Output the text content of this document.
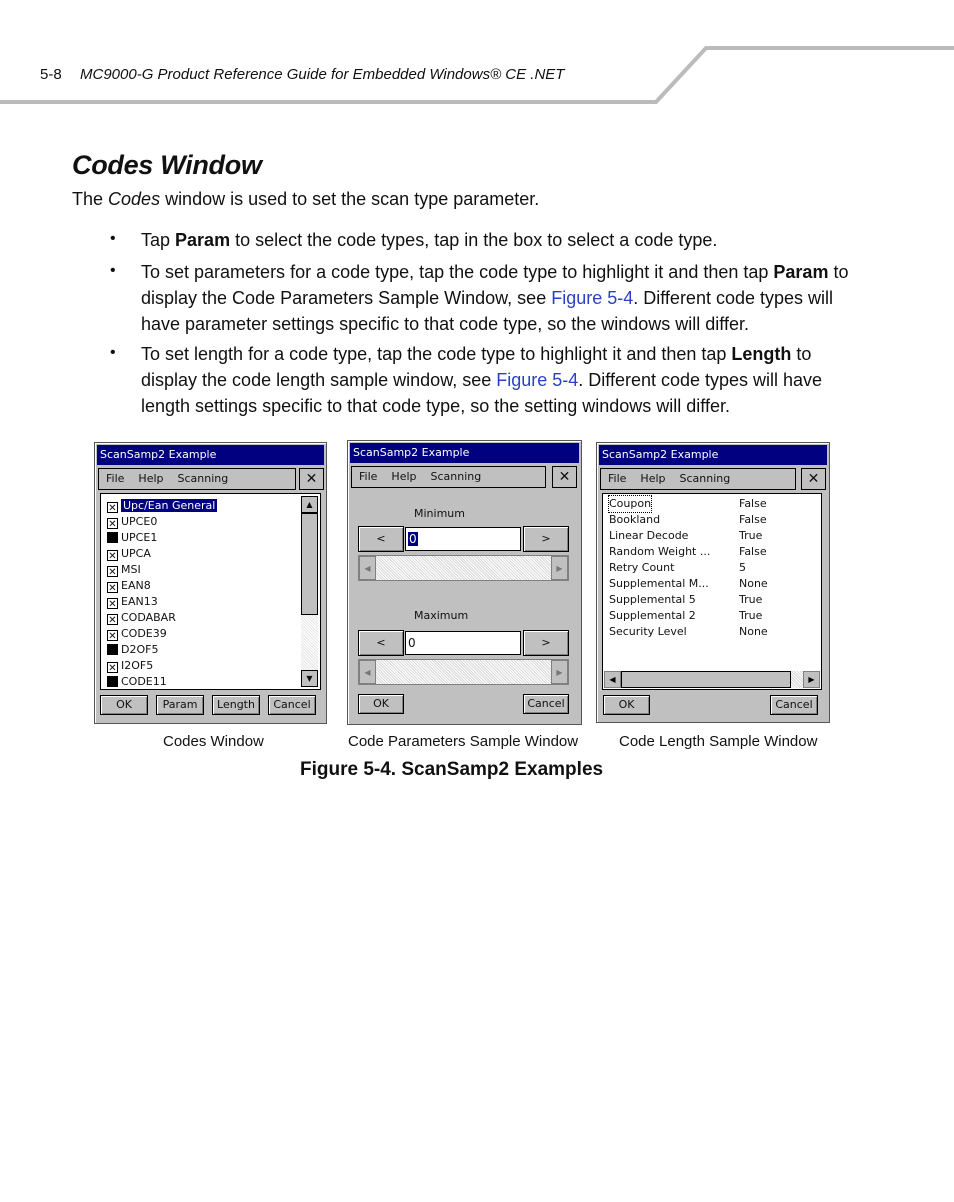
5-8 MC9000-G Product Reference Guide for Embedded Windows® CE .NET
Codes Window
The Codes window is used to set the scan type parameter.
• Tap Param to select the code types, tap in the box to select a code type.
• To set parameters for a code type, tap the code type to highlight it and then tap Param to display the Code Parameters Sample Window, see Figure 5-4. Different code types will have parameter settings specific to that code type, so the windows will differ.
• To set length for a code type, tap the code type to highlight it and then tap Length to display the code length sample window, see Figure 5-4. Different code types will have length settings specific to that code type, so the setting windows will differ.
ScanSamp2 Example
File Help Scanning	✕
✕ Upc/Ean General
✕ UPCE0
UPCE1
✕ UPCA
✕ MSI
✕ EAN8
✕ EAN13
✕ CODABAR
✕ CODE39
D2OF5
✕ I2OF5
CODE11
▲
▼
OK	Param	Length	Cancel
ScanSamp2 Example
File Help Scanning	✕
Minimum
<	0	>
◀	▶
Maximum
<	0	>
◀	▶
OK	Cancel
ScanSamp2 Example
File Help Scanning	✕
Coupon	False
Bookland	False
Linear Decode	True
Random Weight ...	False
Retry Count	5
Supplemental M...	None
Supplemental 5	True
Supplemental 2	True
Security Level	None
◀	▶
OK	Cancel
Codes Window	Code Parameters Sample Window	Code Length Sample Window
Figure 5-4. ScanSamp2 Examples
